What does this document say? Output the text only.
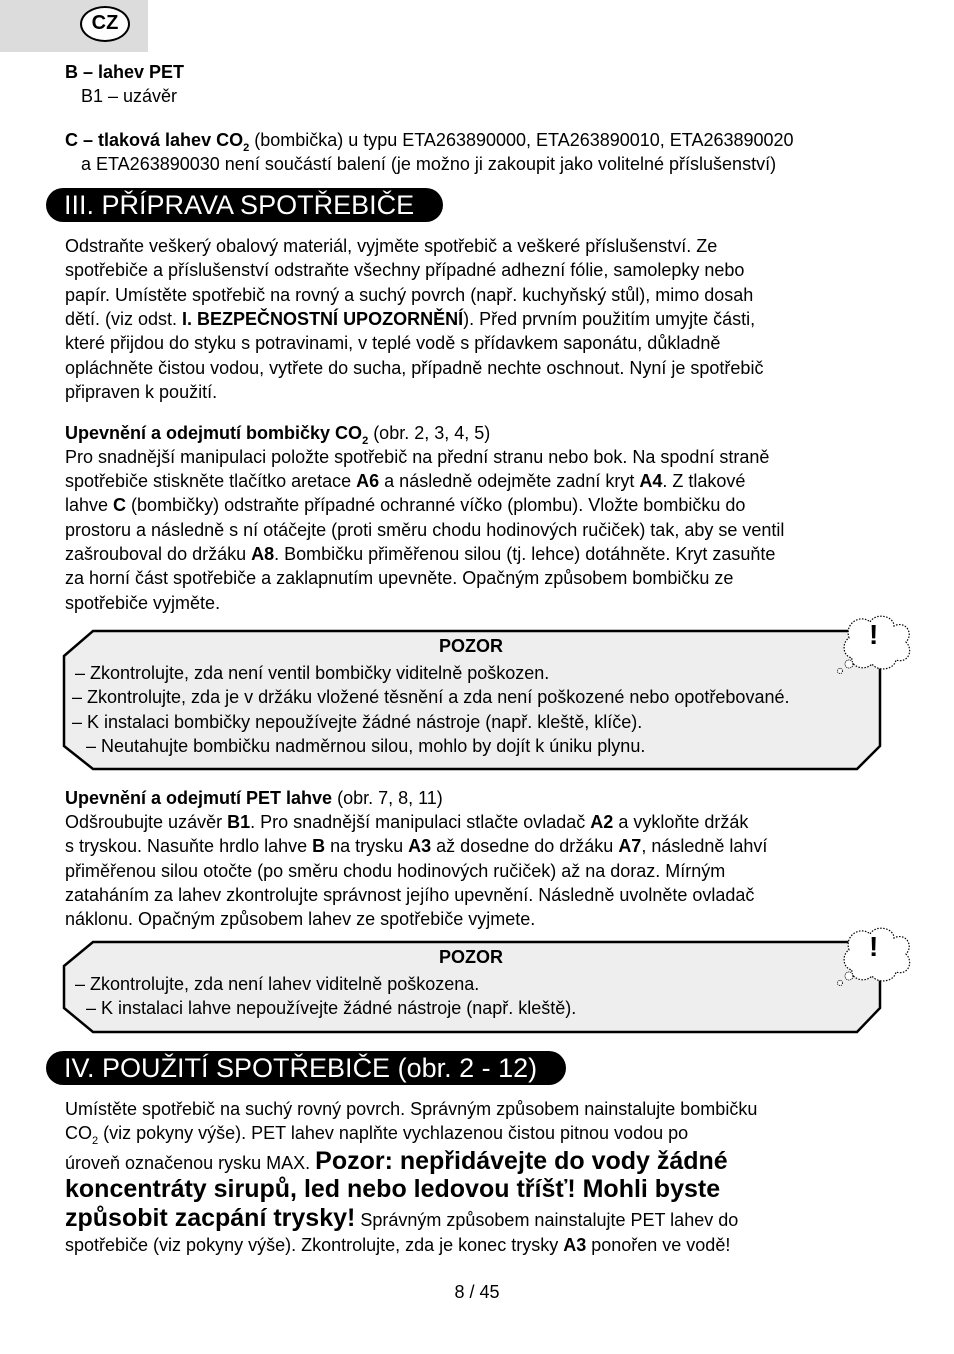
CZ
B – lahev PET
B1 – uzávěr
C – tlaková lahev $CO_2$ (bombička) u typu ETA263890000, ETA263890010, ETA263890020
a ETA263890030 není součástí balení (je možno ji zakoupit jako volitelné příslušenství)
III. PŘÍPRAVA SPOTŘEBIČE
Odstraňte veškerý obalový materiál, vyjměte spotřebič a veškeré příslušenství. Ze
spotřebiče a příslušenství odstraňte všechny případné adhezní fólie, samolepky nebo
papír. Umístěte spotřebič na rovný a suchý povrch (např. kuchyňský stůl), mimo dosah
dětí. (viz odst. I. BEZPEČNOSTNÍ UPOZORNĚNÍ). Před prvním použitím umyjte části,
které přijdou do styku s potravinami, v teplé vodě s přídavkem saponátu, důkladně
opláchněte čistou vodou, vytřete do sucha, případně nechte oschnout. Nyní je spotřebič
připraven k použití.
Upevnění a odejmutí bombičky $CO_2$ (obr. 2, 3, 4, 5)
Pro snadnější manipulaci položte spotřebič na přední stranu nebo bok. Na spodní straně
spotřebiče stiskněte tlačítko aretace A6 a následně odejměte zadní kryt A4. Z tlakové
lahve C (bombičky) odstraňte případné ochranné víčko (plombu). Vložte bombičku do
prostoru a následně s ní otáčejte (proti směru chodu hodinových ručiček) tak, aby se ventil
zašrouboval do držáku A8. Bombičku přiměřenou silou (tj. lehce) dotáhněte. Kryt zasuňte
za horní část spotřebiče a zaklapnutím upevněte. Opačným způsobem bombičku ze
spotřebiče vyjměte.
!
POZOR
– Zkontrolujte, zda není ventil bombičky viditelně poškozen.
– Zkontrolujte, zda je v držáku vložené těsnění a zda není poškozené nebo opotřebované.
– K instalaci bombičky nepoužívejte žádné nástroje (např. kleště, klíče).
– Neutahujte bombičku nadměrnou silou, mohlo by dojít k úniku plynu.
Upevnění a odejmutí PET lahve (obr. 7, 8, 11)
Odšroubujte uzávěr B1. Pro snadnější manipulaci stlačte ovladač A2 a vykloňte držák
s tryskou. Nasuňte hrdlo lahve B na trysku A3 až dosedne do držáku A7, následně lahví
přiměřenou silou otočte (po směru chodu hodinových ručiček) až na doraz. Mírným
zataháním za lahev zkontrolujte správnost jejího upevnění. Následně uvolněte ovladač
náklonu. Opačným způsobem lahev ze spotřebiče vyjmete.
!
POZOR
– Zkontrolujte, zda není lahev viditelně poškozena.
– K instalaci lahve nepoužívejte žádné nástroje (např. kleště).
IV. POUŽITÍ SPOTŘEBIČE (obr. 2 - 12)
Umístěte spotřebič na suchý rovný povrch. Správným způsobem nainstalujte bombičku
$CO_2$ (viz pokyny výše). PET lahev naplňte vychlazenou čistou pitnou vodou po
úroveň označenou rysku MAX. Pozor: nepřidávejte do vody žádné
koncentráty sirupů, led nebo ledovou tříšť! Mohli byste
způsobit zacpání trysky! Správným způsobem nainstalujte PET lahev do
spotřebiče (viz pokyny výše). Zkontrolujte, zda je konec trysky A3 ponořen ve vodě!
8 / 45
